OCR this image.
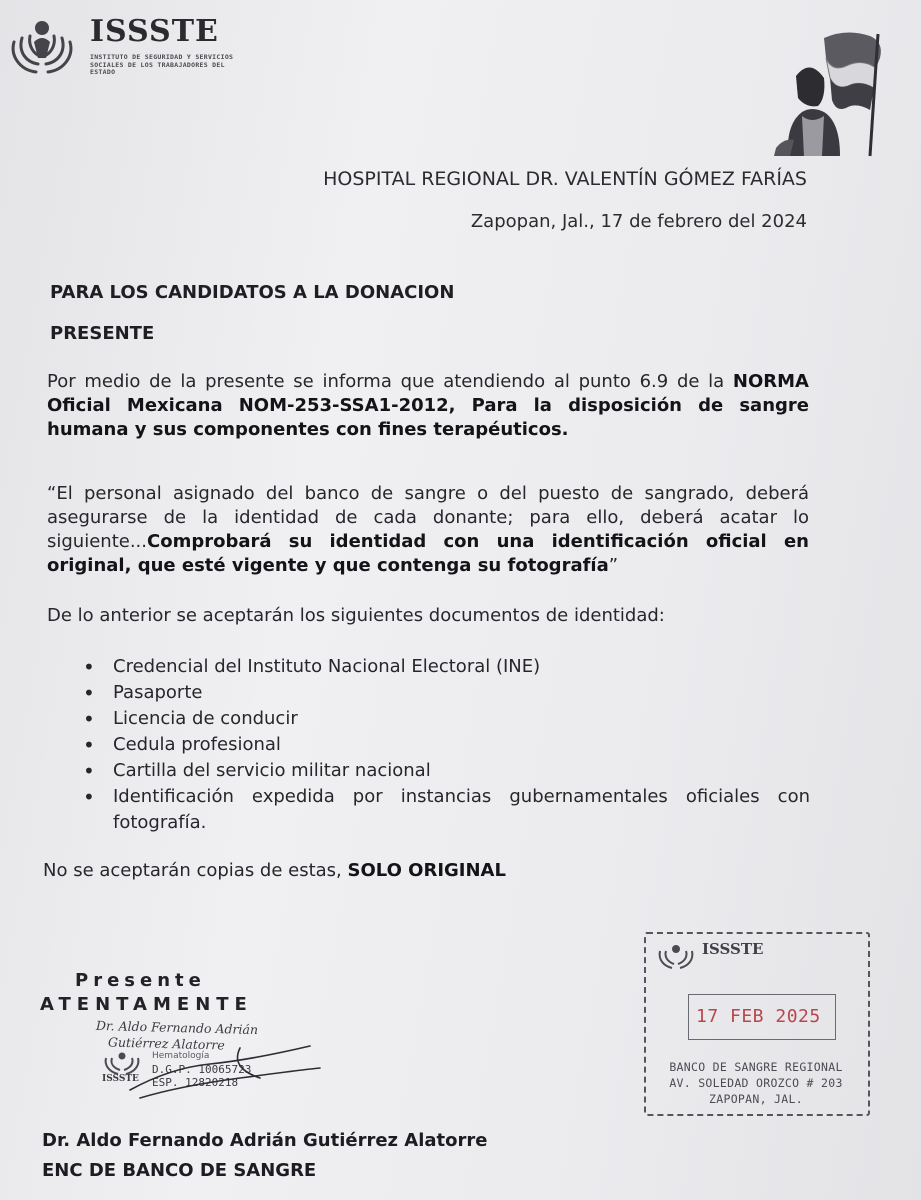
ISSSTE
INSTITUTO DE SEGURIDAD Y SERVICIOS SOCIALES DE LOS TRABAJADORES DEL ESTADO
HOSPITAL REGIONAL DR. VALENTÍN GÓMEZ FARÍAS
Zapopan, Jal., 17 de febrero del 2024
PARA LOS CANDIDATOS A LA DONACION
PRESENTE
Por medio de la presente se informa que atendiendo al punto 6.9 de la NORMA Oficial Mexicana NOM-253-SSA1-2012, Para la disposición de sangre humana y sus componentes con fines terapéuticos.
“El personal asignado del banco de sangre o del puesto de sangrado, deberá asegurarse de la identidad de cada donante; para ello, deberá acatar lo siguiente...Comprobará su identidad con una identificación oficial en original, que esté vigente y que contenga su fotografía”
De lo anterior se aceptarán los siguientes documentos de identidad:
• Credencial del Instituto Nacional Electoral (INE)
• Pasaporte
• Licencia de conducir
• Cedula profesional
• Cartilla del servicio militar nacional
• Identificación expedida por instancias gubernamentales oficiales con fotografía.
No se aceptarán copias de estas, SOLO ORIGINAL
Presente
ATENTAMENTE
Dr. Aldo Fernando Adrián
Gutiérrez Alatorre
ISSSTE
Hematología
D.G.P. 10065723
ESP. 12820218
Dr. Aldo Fernando Adrián Gutiérrez Alatorre
ENC DE BANCO DE SANGRE
ISSSTE
17 FEB 2025
BANCO DE SANGRE REGIONAL
AV. SOLEDAD OROZCO # 203
ZAPOPAN, JAL.
